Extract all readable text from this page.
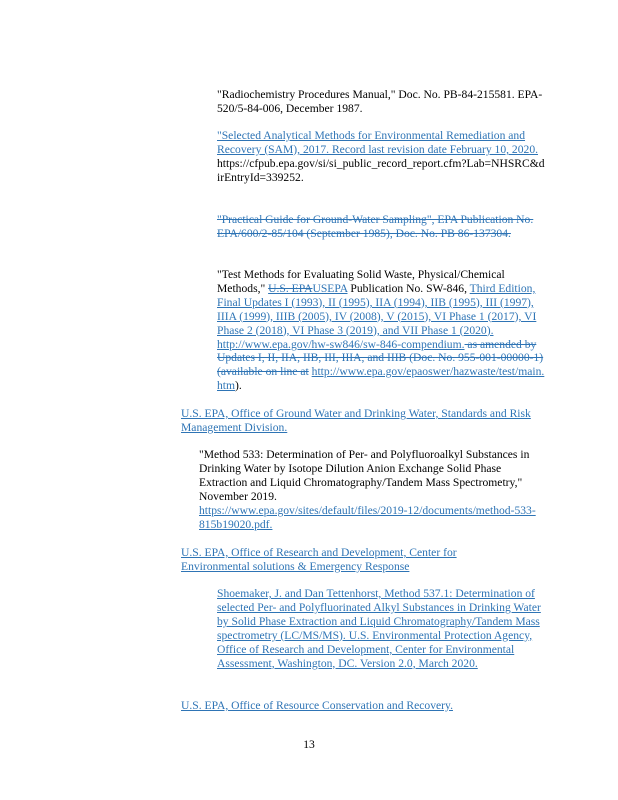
"Radiochemistry Procedures Manual," Doc. No. PB-84-215581. EPA-520/5-84-006, December 1987.
"Selected Analytical Methods for Environmental Remediation and Recovery (SAM), 2017. Record last revision date February 10, 2020.
https://cfpub.epa.gov/si/si_public_record_report.cfm?Lab=NHSRC&dirEntryId=339252.
"Practical Guide for Ground-Water Sampling", EPA Publication No. EPA/600/2-85/104 (September 1985), Doc. No. PB 86-137304.
"Test Methods for Evaluating Solid Waste, Physical/Chemical Methods," U.S. EPAUSEPA Publication No. SW-846, Third Edition, Final Updates I (1993), II (1995), IIA (1994), IIB (1995), III (1997), IIIA (1999), IIIB (2005), IV (2008), V (2015), VI Phase 1 (2017), VI Phase 2 (2018), VI Phase 3 (2019), and VII Phase 1 (2020). http://www.epa.gov/hw-sw846/sw-846-compendium. as amended by Updates I, II, IIA, IIB, III, IIIA, and IIIB (Doc. No. 955-001-00000-1) (available on line at http://www.epa.gov/epaoswer/hazwaste/test/main.htm).
U.S. EPA, Office of Ground Water and Drinking Water, Standards and Risk Management Division.
"Method 533: Determination of Per- and Polyfluoroalkyl Substances in Drinking Water by Isotope Dilution Anion Exchange Solid Phase Extraction and Liquid Chromatography/Tandem Mass Spectrometry," November 2019.
https://www.epa.gov/sites/default/files/2019-12/documents/method-533-815b19020.pdf.
U.S. EPA, Office of Research and Development, Center for Environmental solutions & Emergency Response
Shoemaker, J. and Dan Tettenhorst, Method 537.1: Determination of selected Per- and Polyfluorinated Alkyl Substances in Drinking Water by Solid Phase Extraction and Liquid Chromatography/Tandem Mass spectrometry (LC/MS/MS). U.S. Environmental Protection Agency, Office of Research and Development, Center for Environmental Assessment, Washington, DC. Version 2.0, March 2020.
U.S. EPA, Office of Resource Conservation and Recovery.
13
